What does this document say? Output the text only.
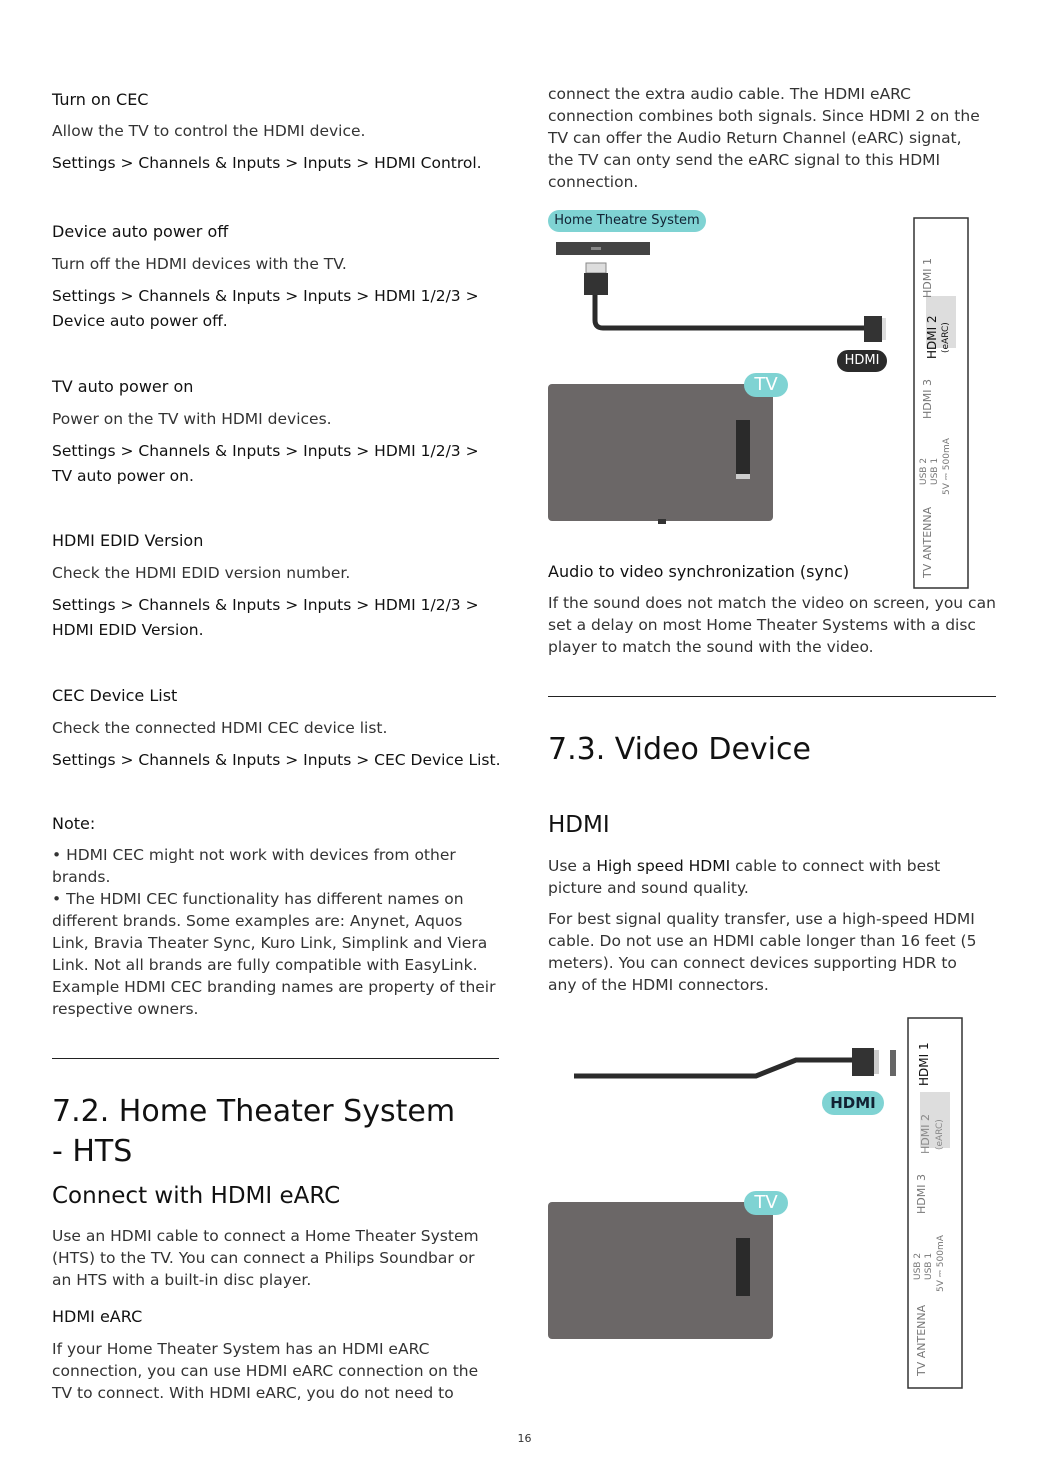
Turn on CEC

Allow the TV to control the HDMI device.

Settings > Channels & Inputs > Inputs > HDMI Control.

Device auto power off

Turn off the HDMI devices with the TV.

Settings > Channels & Inputs > Inputs > HDMI 1/2/3 >

Device auto power off.

TV auto power on

Power on the TV with HDMI devices.

Settings > Channels & Inputs > Inputs > HDMI 1/2/3 >

TV auto power on.

HDMI EDID Version

Check the HDMI EDID version number.

Settings > Channels & Inputs > Inputs > HDMI 1/2/3 >

HDMI EDID Version.

CEC Device List

Check the connected HDMI CEC device list.

Settings > Channels & Inputs > Inputs > CEC Device List.

Note:

• HDMI CEC might not work with devices from other brands.

• The HDMI CEC functionality has different names on different brands. Some examples are: Anynet, Aquos Link, Bravia Theater Sync, Kuro Link, Simplink and Viera Link. Not all brands are fully compatible with EasyLink. Example HDMI CEC branding names are property of their respective owners.

7.2. Home Theater System - HTS
Connect with HDMI eARC

Use an HDMI cable to connect a Home Theater System (HTS) to the TV. You can connect a Philips Soundbar or an HTS with a built-in disc player.

HDMI eARC

If your Home Theater System has an HDMI eARC connection, you can use HDMI eARC connection on the TV to connect. With HDMI eARC, you do not need to

connect the extra audio cable. The HDMI eARC connection combines both signals. Since HDMI 2 on the TV can offer the Audio Return Channel (eARC) signat, the TV can onty send the eARC signal to this HDMI connection.

Home Theatre System
HDMI
TV
HDMI 1
HDMI 2 (eARC)
HDMI 3
USB 2 USB 1 5V ⎓ 500mA
TV ANTENNA

Audio to video synchronization (sync)

If the sound does not match the video on screen, you can set a delay on most Home Theater Systems with a disc player to match the sound with the video.

7.3. Video Device
HDMI

Use a High speed HDMI cable to connect with best picture and sound quality.

For best signal quality transfer, use a high-speed HDMI cable. Do not use an HDMI cable longer than 16 feet (5 meters). You can connect devices supporting HDR to any of the HDMI connectors.

HDMI
TV
HDMI 1
HDMI 2 (eARC)
HDMI 3
USB 2 USB 1 5V ⎓ 500mA
TV ANTENNA
16
